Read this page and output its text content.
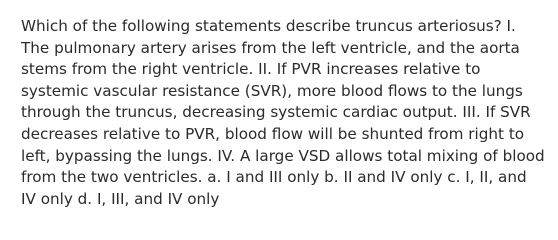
Which of the following statements describe truncus arteriosus? I. The pulmonary artery arises from the left ventricle, and the aorta stems from the right ventricle. II. If PVR increases relative to systemic vascular resistance (SVR), more blood flows to the lungs through the truncus, decreasing systemic cardiac output. III. If SVR decreases relative to PVR, blood flow will be shunted from right to left, bypassing the lungs. IV. A large VSD allows total mixing of blood from the two ventricles. a. I and III only b. II and IV only c. I, II, and IV only d. I, III, and IV only
